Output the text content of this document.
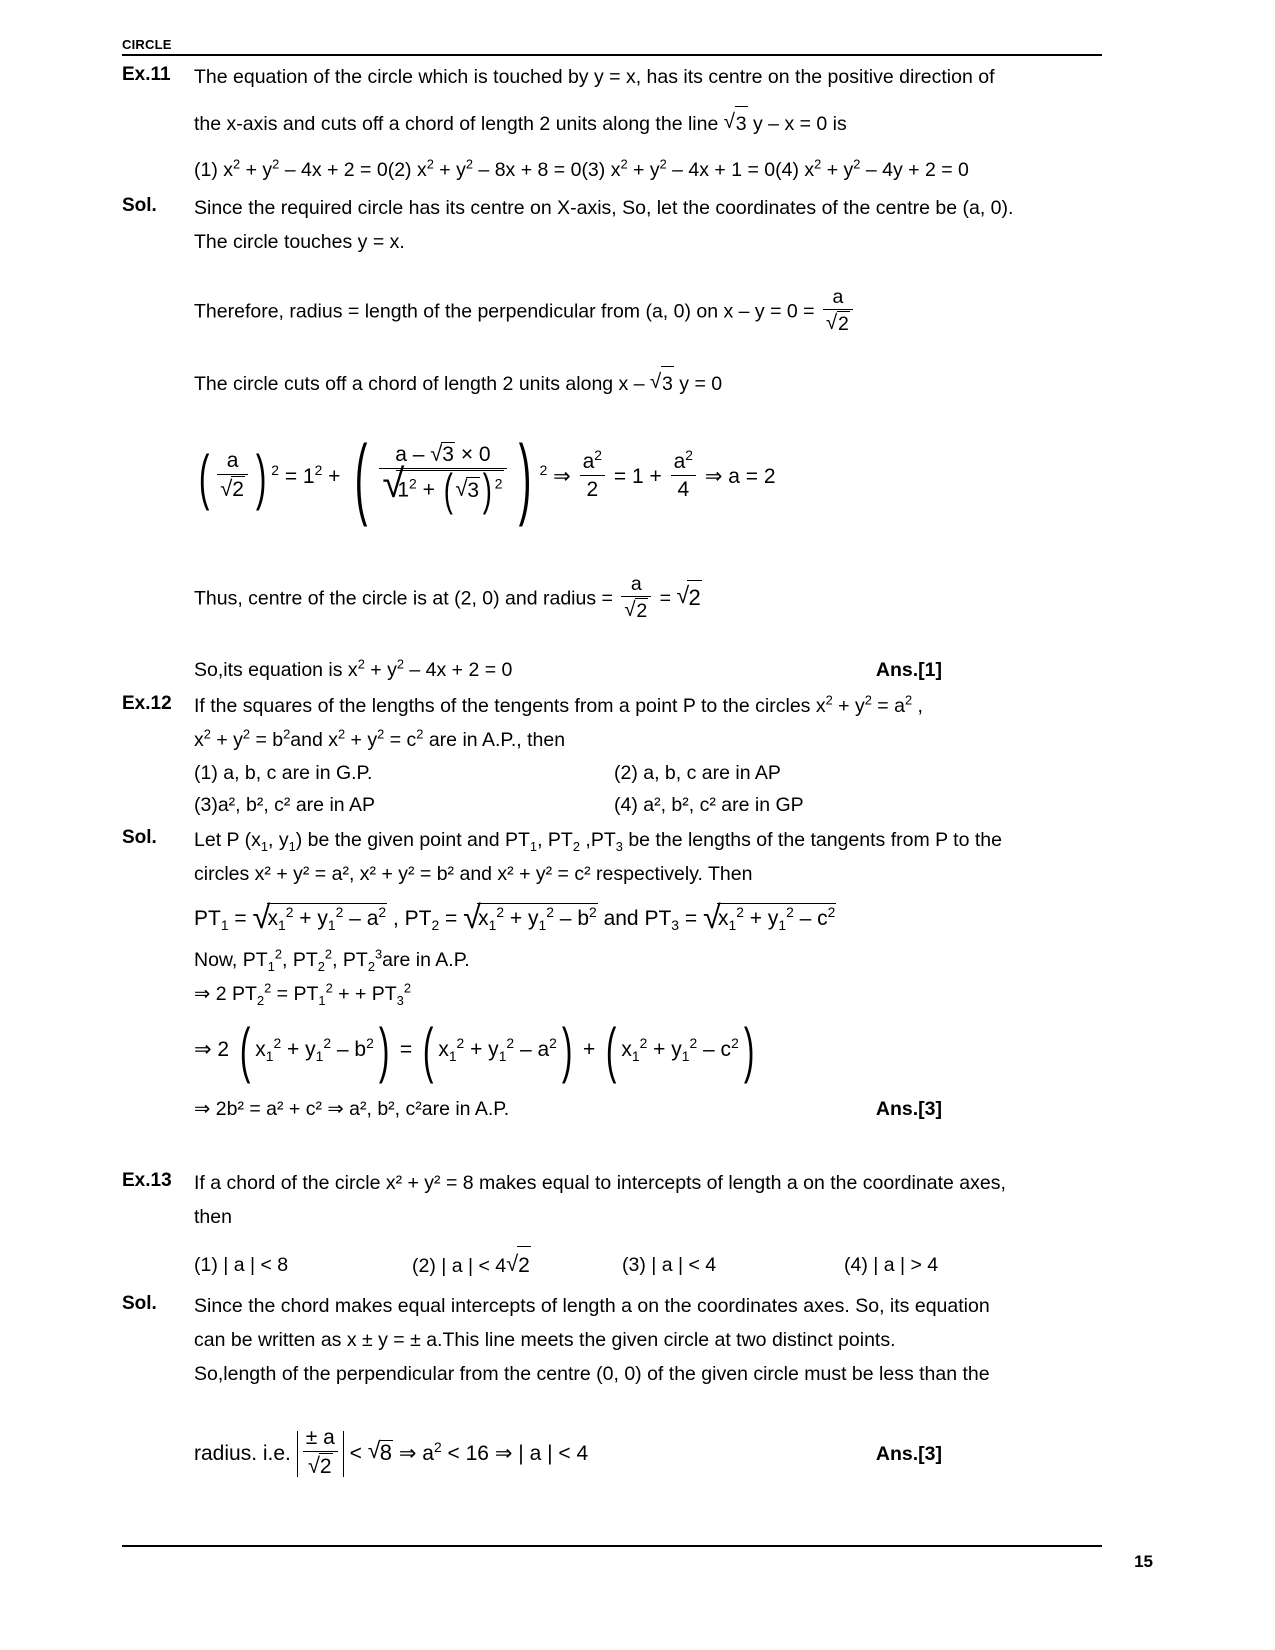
CIRCLE
Ex.11	The equation of the circle which is touched by y = x, has its centre on the positive direction of
the x-axis and cuts off a chord of length 2 units along the line √ 3 y – x = 0 is
(1) $x^2 + y^2 - 4x + 2 = 0(2) x^2 + y^2 - 8x + 8 = 0(3) x^2 + y^2 - 4x + 1 = 0(4) x^2 + y^2 - 4y + 2 = 0$
Sol.	Since the required circle has its centre on X-axis, So, let the coordinates of the centre be (a, 0).
The circle touches y = x.
Therefore, radius = length of the perpendicular from (a, 0) on x – y = 0 = a
√ 2
The circle cuts off a chord of length 2 units along x – √ 3 y = 0
( a
√ 2 ) $^2 = 1^2$ + ( a – √ 3 × 0
√ $1^2$ + ( √ 3) $^2$ ) $^2$ ⇒ $\frac{a^2}{2} = 1 + \frac{a^2}{4}$ ⇒ a = 2
Thus, centre of the circle is at (2, 0) and radius = a
√ 2 = √ 2
So,its equation is $x^2 + y^2 - 4x + 2 = 0$	Ans.[1]
Ex.12	If the squares of the lengths of the tengents from a point P to the circles $x^2 + y^2 = a^2$ ,
$x^2 + y^2 = b^2and$ $x^2 + y^2 = c^2$ are in A.P., then
(1) a, b, c are in G.P.	(2) a, b, c are in AP
(3)a², b², c² are in AP	(4) a², b², c² are in GP
Sol.	Let P ($x_1$, $y_1$) be the given point and $PT_1$, $PT_2$ $,PT_3$ be the lengths of the tangents from P to the
circles x² + y² = a², x² + y² = b² and x² + y² = c² respectively. Then
$PT_1$ = √ $x_1^2 + y_1^2 - a^2$ , $PT_2$ = √ $x_1^2 + y_1^2 - b^2$ and $PT_3$ = √ $x_1^2 + y_1^2 - c^2$
Now, $PT_1^2$, $PT_2^2$, $PT_2^3are$ in A.P.
⇒ 2 $PT_2^2 = PT_1^2$ + + $PT_3^2$
⇒ 2 ( $x_1^2 + y_1^2 - b^2$) = ( $x_1^2 + y_1^2 - a^2$) + ( $x_1^2 + y_1^2 - c^2$)
⇒ 2b² = a² + c² ⇒ a², b², c²are in A.P.	Ans.[3]
Ex.13	If a chord of the circle x² + y² = 8 makes equal to intercepts of length a on the coordinate axes,
then
(1) | a | < 8	(2) | a | < 4 √ 2	(3) | a | < 4	(4) | a | > 4
Sol.	Since the chord makes equal intercepts of length a on the coordinates axes. So, its equation
can be written as x ± y = ± a.This line meets the given circle at two distinct points.
So,length of the perpendicular from the centre (0, 0) of the given circle must be less than the
radius. i.e. ± a
√ 2 < √ 8 ⇒ $a^2 < 16$ ⇒ | a | < 4	Ans.[3]
15
